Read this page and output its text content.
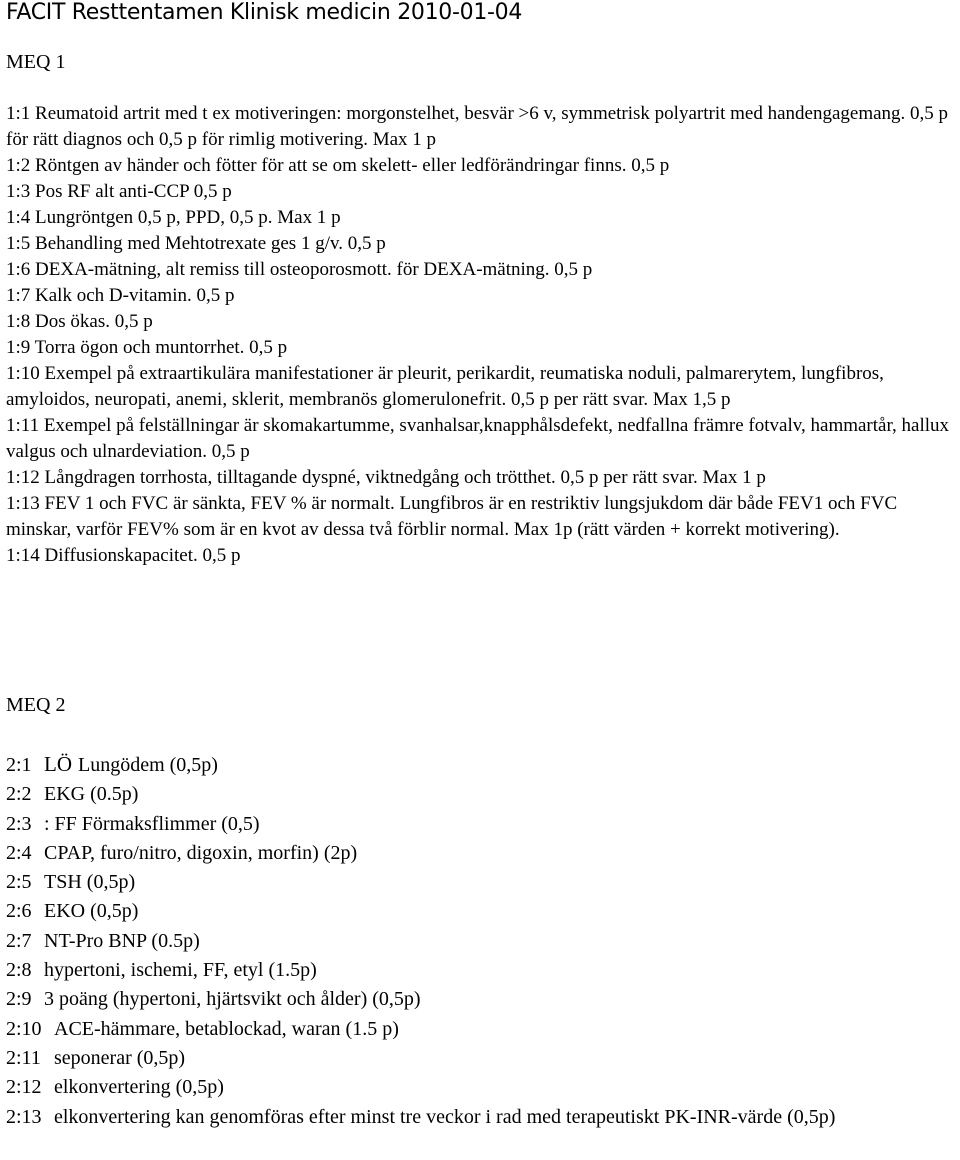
FACIT Resttentamen Klinisk medicin 2010-01-04
MEQ 1
1:1 Reumatoid artrit med t ex motiveringen: morgonstelhet, besvär >6 v, symmetrisk polyartrit med handengagemang. 0,5 p för rätt diagnos och 0,5 p för rimlig motivering. Max 1 p
1:2 Röntgen av händer och fötter för att se om skelett- eller ledförändringar finns. 0,5 p
1:3 Pos RF alt anti-CCP 0,5 p
1:4 Lungröntgen 0,5 p, PPD, 0,5 p. Max 1 p
1:5 Behandling med Mehtotrexate ges 1 g/v. 0,5 p
1:6 DEXA-mätning, alt remiss till osteoporosmott. för DEXA-mätning. 0,5 p
1:7 Kalk och D-vitamin. 0,5 p
1:8 Dos ökas. 0,5 p
1:9 Torra ögon och muntorrhet. 0,5 p
1:10 Exempel på extraartikulära manifestationer är pleurit, perikardit, reumatiska noduli, palmarerytem, lungfibros, amyloidos, neuropati, anemi, sklerit, membranös glomerulonefrit. 0,5 p per rätt svar. Max 1,5 p
1:11 Exempel på felställningar är skomakartumme, svanhalsar,knapphålsdefekt, nedfallna främre fotvalv, hammartår, hallux valgus och ulnardeviation. 0,5 p
1:12 Långdragen torrhosta, tilltagande dyspné, viktnedgång och trötthet. 0,5 p per rätt svar. Max 1 p
1:13 FEV 1 och FVC är sänkta, FEV % är normalt. Lungfibros är en restriktiv lungsjukdom där både FEV1 och FVC minskar, varför FEV% som är en kvot av dessa två förblir normal. Max 1p (rätt värden + korrekt motivering).
1:14 Diffusionskapacitet. 0,5 p
MEQ 2
2:1 LÖ Lungödem (0,5p)
2:2 EKG (0.5p)
2:3 : FF Förmaksflimmer (0,5)
2:4 CPAP, furo/nitro, digoxin, morfin) (2p)
2:5 TSH (0,5p)
2:6 EKO (0,5p)
2:7 NT-Pro BNP (0.5p)
2:8 hypertoni, ischemi, FF, etyl (1.5p)
2:9 3 poäng (hypertoni, hjärtsvikt och ålder) (0,5p)
2:10 ACE-hämmare, betablockad, waran (1.5 p)
2:11 seponerar (0,5p)
2:12 elkonvertering (0,5p)
2:13 elkonvertering kan genomföras efter minst tre veckor i rad med terapeutiskt PK-INR-värde (0,5p)
